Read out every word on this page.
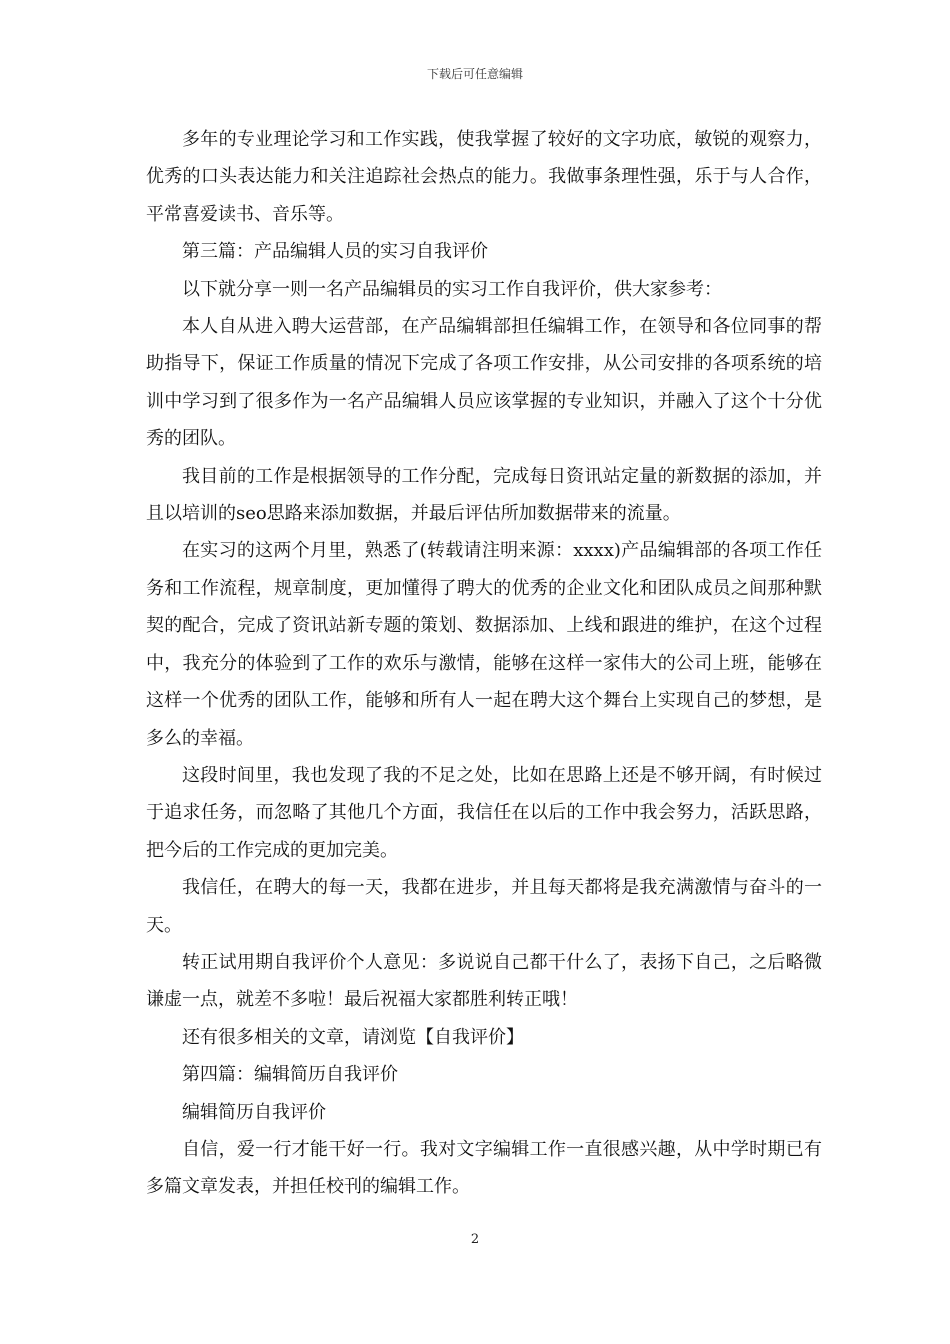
下载后可任意编辑

多年的专业理论学习和工作实践，使我掌握了较好的文字功底，敏锐的观察力，优秀的口头表达能力和关注追踪社会热点的能力。我做事条理性强，乐于与人合作，平常喜爱读书、音乐等。

第三篇：产品编辑人员的实习自我评价

以下就分享一则一名产品编辑员的实习工作自我评价，供大家参考：

本人自从进入聘大运营部，在产品编辑部担任编辑工作，在领导和各位同事的帮助指导下，保证工作质量的情况下完成了各项工作安排，从公司安排的各项系统的培训中学习到了很多作为一名产品编辑人员应该掌握的专业知识，并融入了这个十分优秀的团队。

我目前的工作是根据领导的工作分配，完成每日资讯站定量的新数据的添加，并且以培训的seo思路来添加数据，并最后评估所加数据带来的流量。

在实习的这两个月里，熟悉了(转载请注明来源：xxxx)产品编辑部的各项工作任务和工作流程，规章制度，更加懂得了聘大的优秀的企业文化和团队成员之间那种默契的配合，完成了资讯站新专题的策划、数据添加、上线和跟进的维护，在这个过程中，我充分的体验到了工作的欢乐与激情，能够在这样一家伟大的公司上班，能够在这样一个优秀的团队工作，能够和所有人一起在聘大这个舞台上实现自己的梦想，是多么的幸福。

这段时间里，我也发现了我的不足之处，比如在思路上还是不够开阔，有时候过于追求任务，而忽略了其他几个方面，我信任在以后的工作中我会努力，活跃思路，把今后的工作完成的更加完美。

我信任，在聘大的每一天，我都在进步，并且每天都将是我充满激情与奋斗的一天。

转正试用期自我评价个人意见：多说说自己都干什么了，表扬下自己，之后略微谦虚一点，就差不多啦！最后祝福大家都胜利转正哦！

还有很多相关的文章，请浏览【自我评价】

第四篇：编辑简历自我评价

编辑简历自我评价

自信，爱一行才能干好一行。我对文字编辑工作一直很感兴趣，从中学时期已有多篇文章发表，并担任校刊的编辑工作。

2
